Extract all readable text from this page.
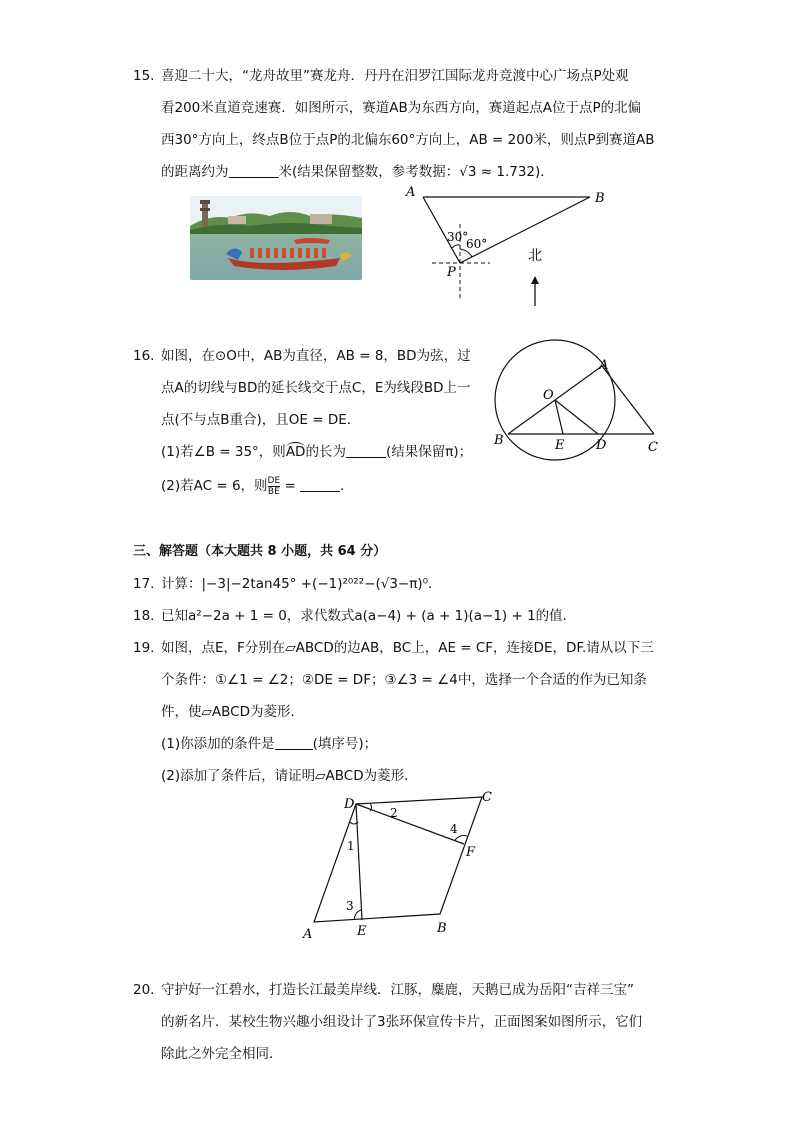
15. 喜迎二十大，“龙舟故里”赛龙舟．丹丹在汨罗江国际龙舟竞渡中心广场点P处观
看200米直道竞速赛．如图所示，赛道AB为东西方向，赛道起点A位于点P的北偏
西30°方向上，终点B位于点P的北偏东60°方向上，AB = 200米，则点P到赛道AB
的距离约为	米(结果保留整数，参考数据：√3 ≈ 1.732)．
A	B
P
30°
60°
北
16. 如图，在⊙O中，AB为直径，AB = 8，BD为弦，过
点A的切线与BD的延长线交于点C，E为线段BD上一
点(不与点B重合)，且OE = DE．
(1)若∠B = 35°，则AD的长为	(结果保留π)；
(2)若AC = 6，则 $\frac{DE}{BE}$ =	．
A
O
B	E D	C
三、解答题（本大题共 8 小题，共 64 分）
17. 计算：|−3|−2tan45° +(−1)²⁰²²−(√3−π)⁰．
18. 已知a²−2a + 1 = 0，求代数式a(a−4) + (a + 1)(a−1) + 1的值．
19. 如图，点E，F分别在▱ABCD的边AB，BC上，AE = CF，连接DE，DF.请从以下三
个条件：①∠1 = ∠2；②DE = DF；③∠3 = ∠4中，选择一个合适的作为已知条
件，使▱ABCD为菱形．
(1)你添加的条件是	(填序号)；
(2)添加了条件后，请证明▱ABCD为菱形．
D	C
F
A	E	B
1
2
3
4
20. 守护好一江碧水，打造长江最美岸线．江豚，麋鹿，天鹅已成为岳阳“吉祥三宝”
的新名片．某校生物兴趣小组设计了3张环保宣传卡片，正面图案如图所示，它们
除此之外完全相同．
